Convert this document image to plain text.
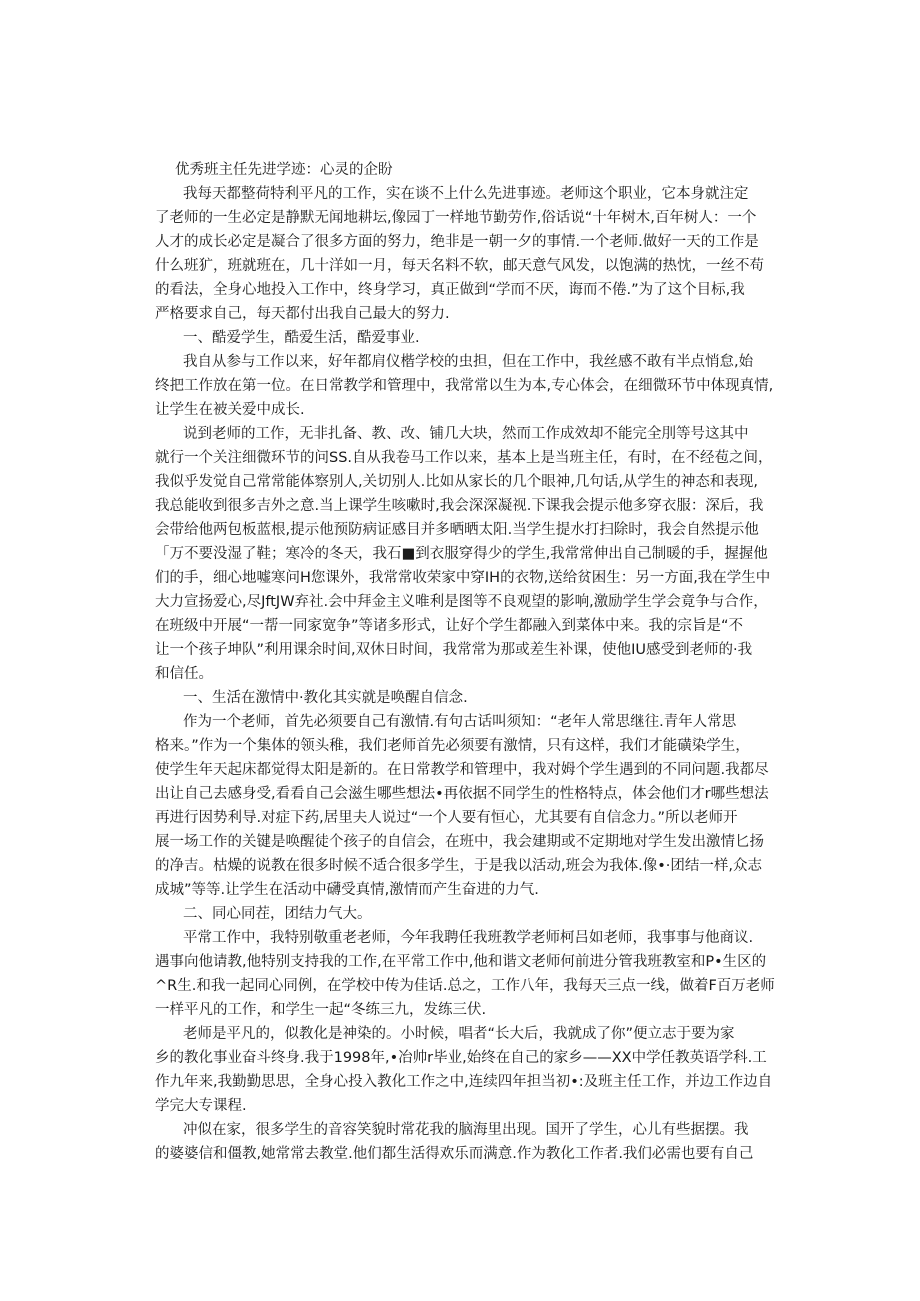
优秀班主任先进学迹：心灵的企盼

我每天都整荷特利平凡的工作，实在谈不上什么先进事迹。老师这个职业，它本身就注定
了老师的一生必定是静默无闻地耕坛,像园丁一样地节勤劳作,俗话说“十年树木,百年树人：一个
人才的成长必定是凝合了很多方面的努力，绝非是一朝一夕的事情.一个老师.做好一天的工作是
什么班犷，班就班在，几十洋如一月，每天名料不软，邮天意气风发，以饱满的热忱，一丝不苟
的看法，全身心地投入工作中，终身学习，真正做到“学而不厌，诲而不倦.”为了这个目标,我
严格要求自己，每天都付出我自己最大的努力.
一、酷爱学生，酷爱生活，酷爱事业.
我自从参与工作以来，好年都肩仪楷学校的虫担，但在工作中，我丝感不敢有半点悄怠,始
终把工作放在第一位。在日常教学和管理中，我常常以生为本,专心体会，在细微环节中体现真情,
让学生在被关爱中成长.
说到老师的工作，无非扎备、教、改、铺几大块，然而工作成效却不能完全刖等号这其中
就行一个关注细微环节的问SS.自从我卷马工作以来，基本上是当班主任，有时，在不经苞之间，
我似乎发觉自己常常能体察别人,关切别人.比如从家长的几个眼神,几句话,从学生的神态和表现,
我总能收到很多吉外之意.当上课学生咳嗽时,我会深深凝视.下课我会提示他多穿衣服：深后，我
会带给他两包板蓝根,提示他预防病证感目并多晒晒太阳.当学生提水打扫除时，我会自然提示他
「万不要没湿了鞋；寒冷的冬天，我石■到衣服穿得少的学生,我常常伸出自己制暖的手，握握他
们的手，细心地嘘寒问H您课外，我常常收荣家中穿IH的衣物,送给贫困生：另一方面,我在学生中
大力宣扬爱心,尽JftJW弃社.会中拜金主义唯利是图等不良观望的影响,激励学生学会竟争与合作，
在班级中开展“一帮一同家宽争”等诸多形式，让好个学生都融入到菜体中来。我的宗旨是“不
让一个孩子坤队”利用课余时间,双休日时间，我常常为那或差生补课，使他IU感受到老师的·我
和信任。
一、生活在激情中·教化其实就是唤醒自信念.
作为一个老师，首先必须要自己有激情.有句古话叫须知：“老年人常思继往.青年人常思
格来。”作为一个集体的领头稚，我们老师首先必须要有激情，只有这样，我们才能磺染学生，
使学生年天起床都觉得太阳是新的。在日常教学和管理中，我对姆个学生遇到的不同问题.我都尽
出让自己去感身受,看看自己会滋生哪些想法•再依据不同学生的性格特点，体会他们才r哪些想法
再进行因势利导.对症下药,居里夫人说过“一个人要有恒心，尤其要有自信念力。”所以老师开
展一场工作的关键是唤醒徒个孩子的自信会，在班中，我会建期或不定期地对学生发出激情匕扬
的净吉。枯燥的说教在很多时候不适合很多学生，于是我以活动,班会为我体.像•·团结一样,众志
成城”等等.让学生在活动中礴受真情,激情而产生奋进的力气.
二、同心同茬，团结力气大。
平常工作中，我特别敬重老老师，今年我聘任我班教学老师柯吕如老师，我事事与他商议.
遇事向他请教,他特别支持我的工作,在平常工作中,他和谐文老师何前进分管我班教室和P•生区的
^R生.和我一起同心同例，在学校中传为佳话.总之，工作八年，我每天三点一线，做着F百万老师
一样平凡的工作，和学生一起“冬练三九，发练三伏.
老师是平凡的，似教化是神染的。小时候，唱者“长大后，我就成了你”便立志于要为家
乡的教化事业奋斗终身.我于1998年,•冶帅r毕业,始终在自己的家乡——XX中学任教英语学科.工
作九年来,我勤勤思思，全身心投入教化工作之中,连续四年担当初•:及班主任工作，并边工作边自
学完大专课程.
冲似在家，很多学生的音容笑貌时常花我的脑海里出现。国开了学生，心儿有些据摆。我
的婆婆信和僵教,她常常去教堂.他们都生活得欢乐而满意.作为教化工作者.我们必需也要有自己
